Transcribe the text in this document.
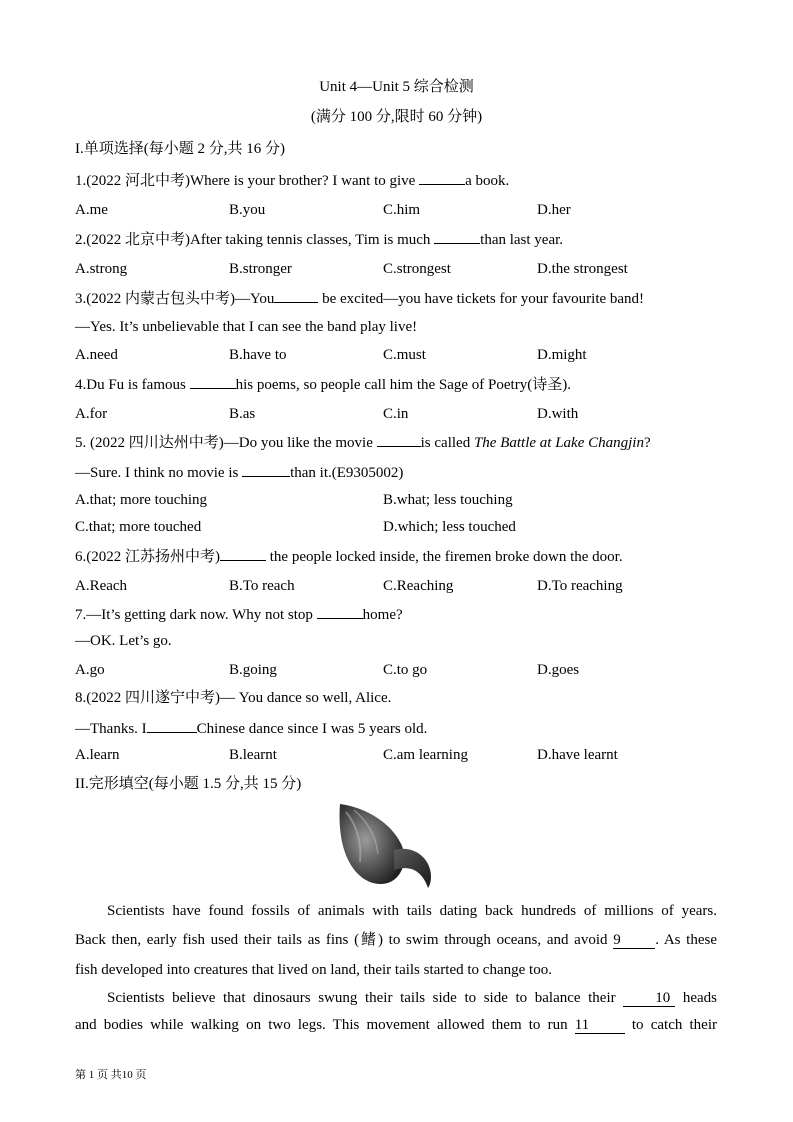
Unit 4—Unit 5 综合检测
(满分 100 分,限时 60 分钟)
I.单项选择(每小题 2 分,共 16 分)
1.(2022 河北中考)Where is your brother? I want to give	a book.
A.me	B.you	C.him	D.her
2.(2022 北京中考)After taking tennis classes, Tim is much	than last year.
A.strong	B.stronger	C.strongest	D.the strongest
3.(2022 内蒙古包头中考)—You	be excited—you have tickets for your favourite band!
—Yes. It’s unbelievable that I can see the band play live!
A.need	B.have to	C.must	D.might
4.Du Fu is famous	his poems, so people call him the Sage of Poetry(诗圣).
A.for	B.as	C.in	D.with
5. (2022 四川达州中考)—Do you like the movie	is called The Battle at Lake Changjin?
—Sure. I think no movie is	than it.(E9305002)
A.that; more touching	B.what; less touching
C.that; more touched	D.which; less touched
6.(2022 江苏扬州中考)	the people locked inside, the firemen broke down the door.
A.Reach	B.To reach	C.Reaching	D.To reaching
7.—It’s getting dark now. Why not stop	home?
—OK. Let’s go.
A.go	B.going	C.to go	D.goes
8.(2022 四川遂宁中考)— You dance so well, Alice.
—Thanks. I	Chinese dance since I was 5 years old.
A.learn	B.learnt	C.am learning	D.have learnt
II.完形填空(每小题 1.5 分,共 15 分)
Scientists have found fossils of animals with tails dating back hundreds of millions of years.
Back then, early fish used their tails as fins (鳍) to swim through oceans, and avoid 9 . As these
fish developed into creatures that lived on land, their tails started to change too.
Scientists believe that dinosaurs swung their tails side to side to balance their 10 heads
and bodies while walking on two legs. This movement allowed them to run 11 to catch their
第 1 页 共10 页
